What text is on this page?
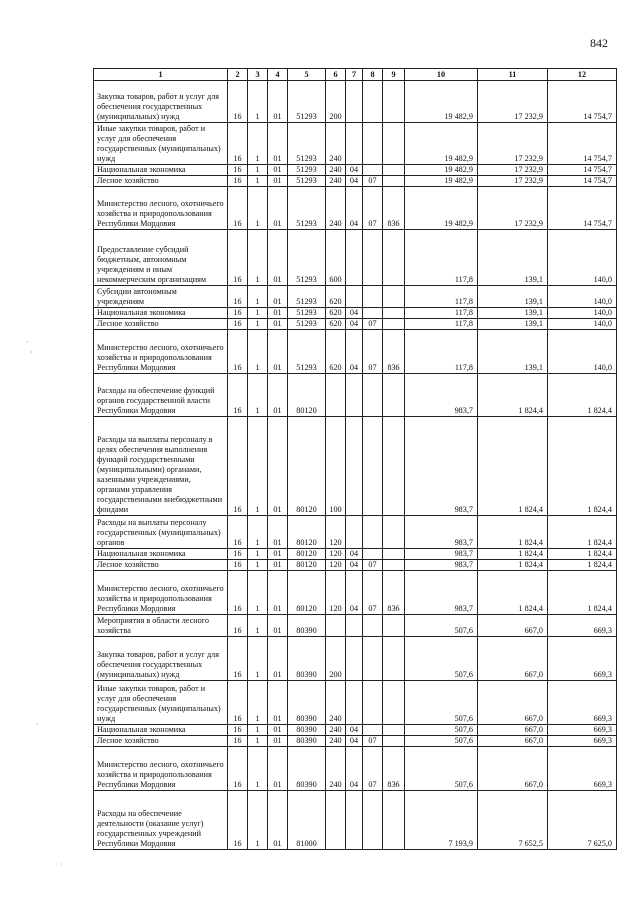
842
1	2	3	4	5	6	7	8	9	10	11	12
Закупка товаров, работ и услуг для обеспечения государственных (муниципальных) нужд	16	1	01	51293	200				19 482,9	17 232,9	14 754,7
Иные закупки товаров, работ и услуг для обеспечения государственных (муниципальных) нужд	16	1	01	51293	240				19 482,9	17 232,9	14 754,7
Национальная экономика	16	1	01	51293	240	04			19 482,9	17 232,9	14 754,7
Лесное хозяйство	16	1	01	51293	240	04	07		19 482,9	17 232,9	14 754,7
Министерство лесного, охотничьего хозяйства и природопользования Республики Мордовия	16	1	01	51293	240	04	07	836	19 482,9	17 232,9	14 754,7
Предоставление субсидий бюджетным, автономным учреждениям и иным некоммерческим организациям	16	1	01	51293	600				117,8	139,1	140,0
Субсидии автономным учреждениям	16	1	01	51293	620				117,8	139,1	140,0
Национальная экономика	16	1	01	51293	620	04			117,8	139,1	140,0
Лесное хозяйство	16	1	01	51293	620	04	07		117,8	139,1	140,0
Министерство лесного, охотничьего хозяйства и природопользования Республики Мордовия	16	1	01	51293	620	04	07	836	117,8	139,1	140,0
Расходы на обеспечение функций органов государственной власти Республики Мордовия	16	1	01	80120					983,7	1 824,4	1 824,4
Расходы на выплаты персоналу в целях обеспечения выполнения функций государственными (муниципальными) органами, казенными учреждениями, органами управления государственными внебюджетными фондами	16	1	01	80120	100				983,7	1 824,4	1 824,4
Расходы на выплаты персоналу государственных (муниципальных) органов	16	1	01	80120	120				983,7	1 824,4	1 824,4
Национальная экономика	16	1	01	80120	120	04			983,7	1 824,4	1 824,4
Лесное хозяйство	16	1	01	80120	120	04	07		983,7	1 824,4	1 824,4
Министерство лесного, охотничьего хозяйства и природопользования Республики Мордовия	16	1	01	80120	120	04	07	836	983,7	1 824,4	1 824,4
Мероприятия в области лесного хозяйства	16	1	01	80390					507,6	667,0	669,3
Закупка товаров, работ и услуг для обеспечения государственных (муниципальных) нужд	16	1	01	80390	200				507,6	667,0	669,3
Иные закупки товаров, работ и услуг для обеспечения государственных (муниципальных) нужд	16	1	01	80390	240				507,6	667,0	669,3
Национальная экономика	16	1	01	80390	240	04			507,6	667,0	669,3
Лесное хозяйство	16	1	01	80390	240	04	07		507,6	667,0	669,3
Министерство лесного, охотничьего хозяйства и природопользования Республики Мордовия	16	1	01	80390	240	04	07	836	507,6	667,0	669,3
Расходы на обеспечение деятельности (оказание услуг) государственных учреждений Республики Мордовия	16	1	01	81000					7 193,9	7 652,5	7 625,0
·
·
·
·
